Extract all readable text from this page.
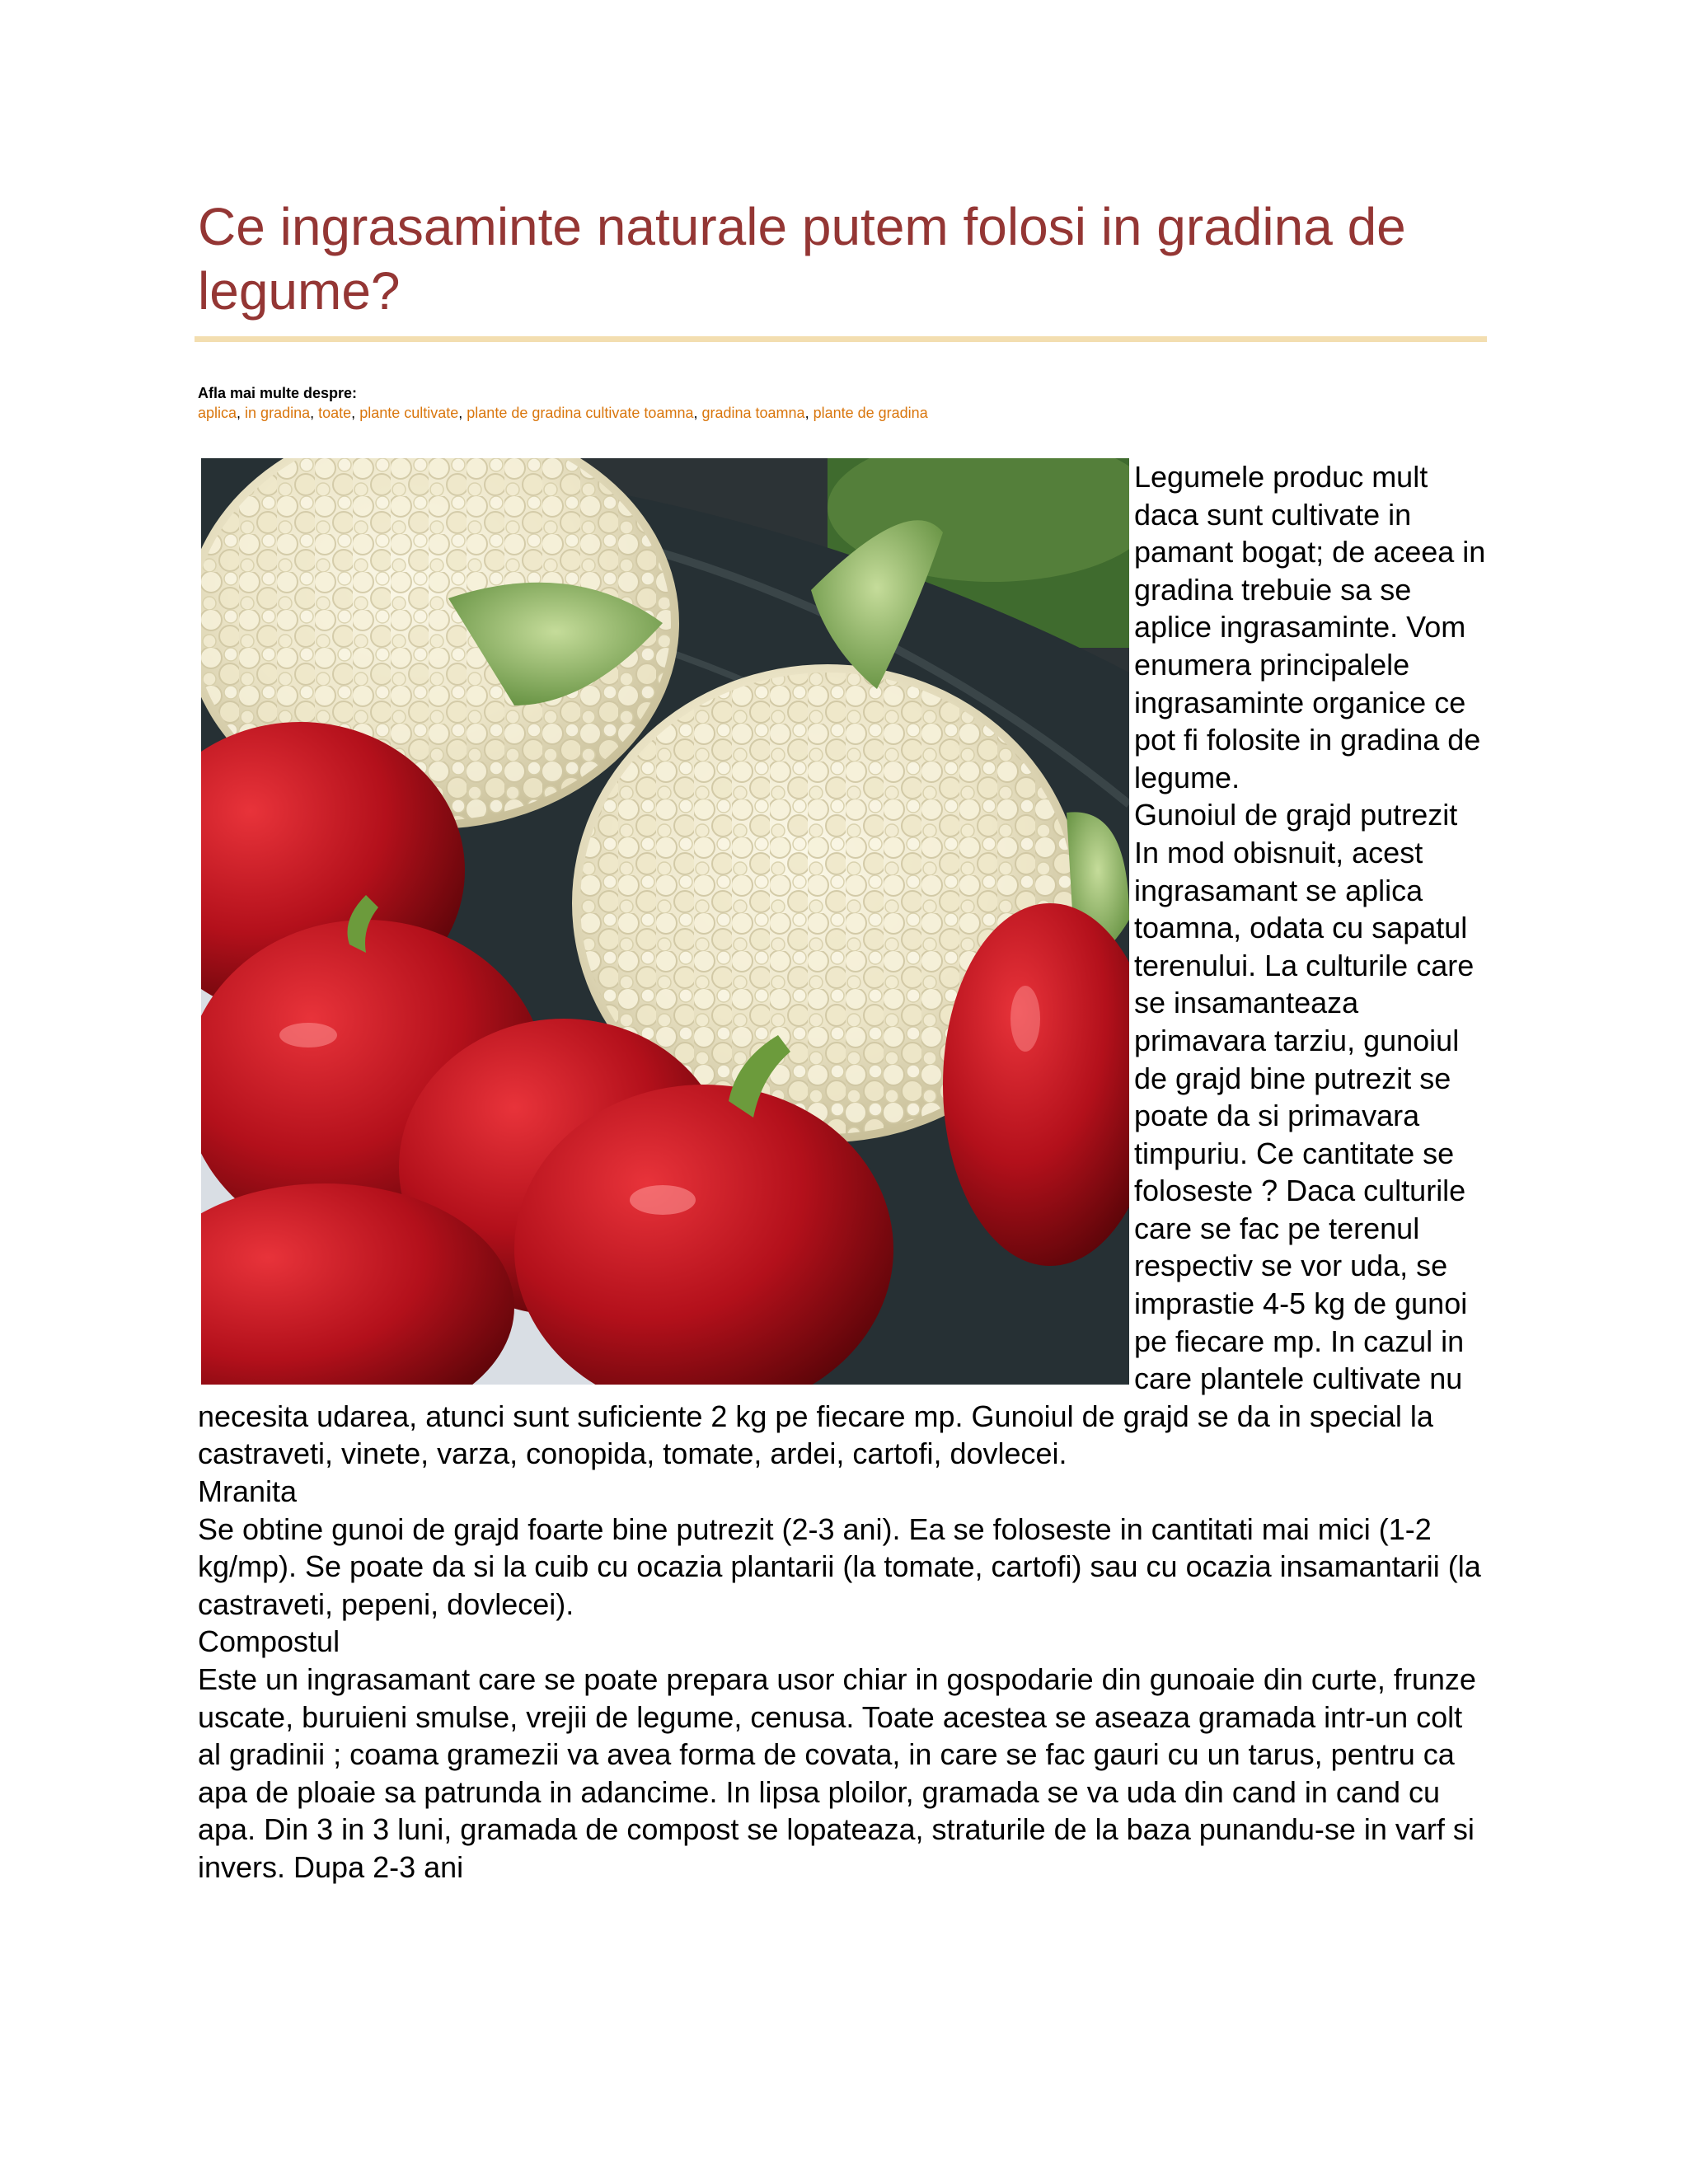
Ce ingrasaminte naturale putem folosi in gradina de legume?

Afla mai multe despre:

aplica, in gradina, toate, plante cultivate, plante de gradina cultivate toamna, gradina toamna, plante de gradina

Legumele produc mult daca sunt cultivate in pamant bogat; de aceea in gradina trebuie sa se aplice ingrasaminte. Vom enumera principalele ingrasaminte organice ce pot fi folosite in gradina de legume.

Gunoiul de grajd putrezit

In mod obisnuit, acest ingrasamant se aplica toamna, odata cu sapatul terenului. La culturile care se insamanteaza primavara tarziu, gunoiul de grajd bine putrezit se poate da si primavara timpuriu. Ce cantitate se foloseste ? Daca culturile care se fac pe terenul respectiv se vor uda, se imprastie 4-5 kg de gunoi pe fiecare mp. In cazul in care plantele cultivate nu necesita udarea, atunci sunt suficiente 2 kg pe fiecare mp. Gunoiul de grajd se da in special la castraveti, vinete, varza, conopida, tomate, ardei, cartofi, dovlecei.

Mranita

Se obtine gunoi de grajd foarte bine putrezit (2-3 ani). Ea se foloseste in cantitati mai mici (1-2 kg/mp). Se poate da si la cuib cu ocazia plantarii (la tomate, cartofi) sau cu ocazia insamantarii (la castraveti, pepeni, dovlecei).

Compostul

Este un ingrasamant care se poate prepara usor chiar in gospodarie din gunoaie din curte, frunze uscate, buruieni smulse, vrejii de legume, cenusa. Toate acestea se aseaza gramada intr-un colt al gradinii ; coama gramezii va avea forma de covata, in care se fac gauri cu un tarus, pentru ca apa de ploaie sa patrunda in adancime. In lipsa ploilor, gramada se va uda din cand in cand cu apa. Din 3 in 3 luni, gramada de compost se lopateaza, straturile de la baza punandu-se in varf si invers. Dupa 2-3 ani
